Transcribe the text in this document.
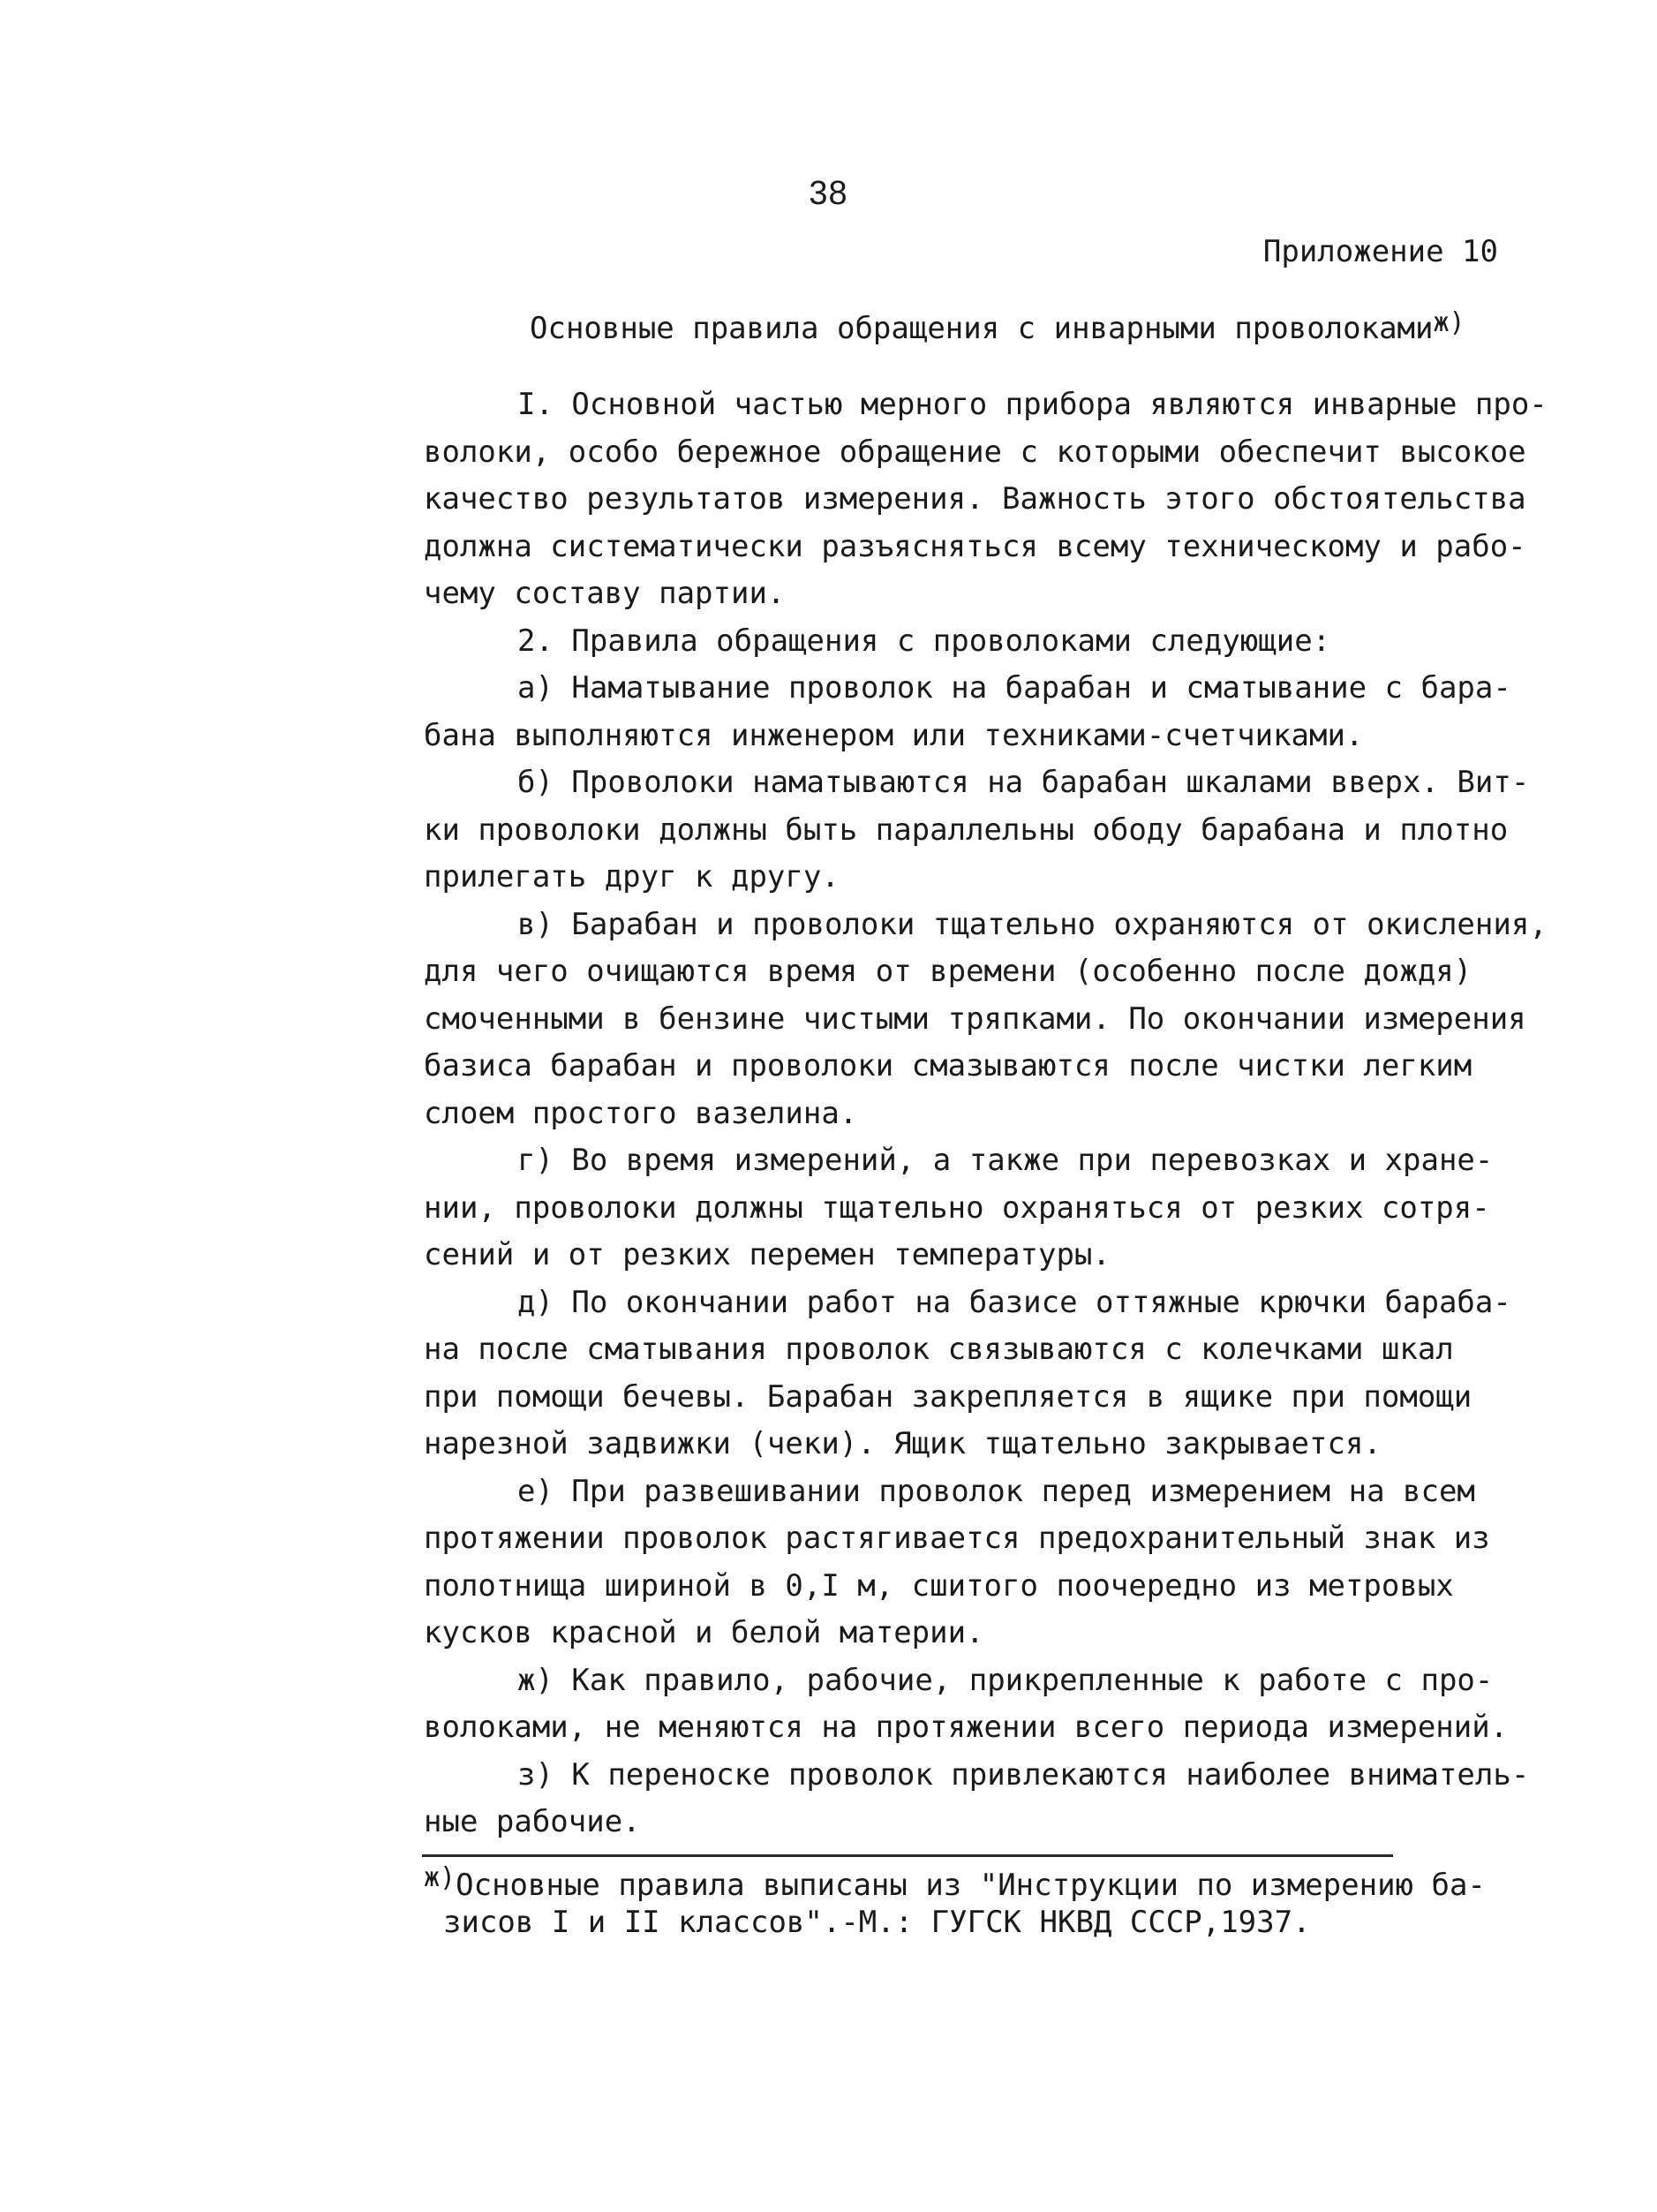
38
Приложение 10
Основные правила обращения с инварными проволоками$^{ж)}$
I. Основной частью мерного прибора являются инварные про-
волоки, особо бережное обращение с которыми обеспечит высокое
качество результатов измерения. Важность этого обстоятельства
должна систематически разъясняться всему техническому и рабо-
чему составу партии.
2. Правила обращения с проволоками следующие:
а) Наматывание проволок на барабан и сматывание с бара-
бана выполняются инженером или техниками-счетчиками.
б) Проволоки наматываются на барабан шкалами вверх. Вит-
ки проволоки должны быть параллельны ободу барабана и плотно
прилегать друг к другу.
в) Барабан и проволоки тщательно охраняются от окисления,
для чего очищаются время от времени (особенно после дождя)
смоченными в бензине чистыми тряпками. По окончании измерения
базиса барабан и проволоки смазываются после чистки легким
слоем простого вазелина.
г) Во время измерений, а также при перевозках и хране-
нии, проволоки должны тщательно охраняться от резких сотря-
сений и от резких перемен температуры.
д) По окончании работ на базисе оттяжные крючки бараба-
на после сматывания проволок связываются с колечками шкал
при помощи бечевы. Барабан закрепляется в ящике при помощи
нарезной задвижки (чеки). Ящик тщательно закрывается.
е) При развешивании проволок перед измерением на всем
протяжении проволок растягивается предохранительный знак из
полотнища шириной в 0,I м, сшитого поочередно из метровых
кусков красной и белой материи.
ж) Как правило, рабочие, прикрепленные к работе с про-
волоками, не меняются на протяжении всего периода измерений.
з) К переноске проволок привлекаются наиболее вниматель-
ные рабочие.
ж)Основные правила выписаны из "Инструкции по измерению ба-
зисов I и II классов".-М.: ГУГСК НКВД СССР,1937.
